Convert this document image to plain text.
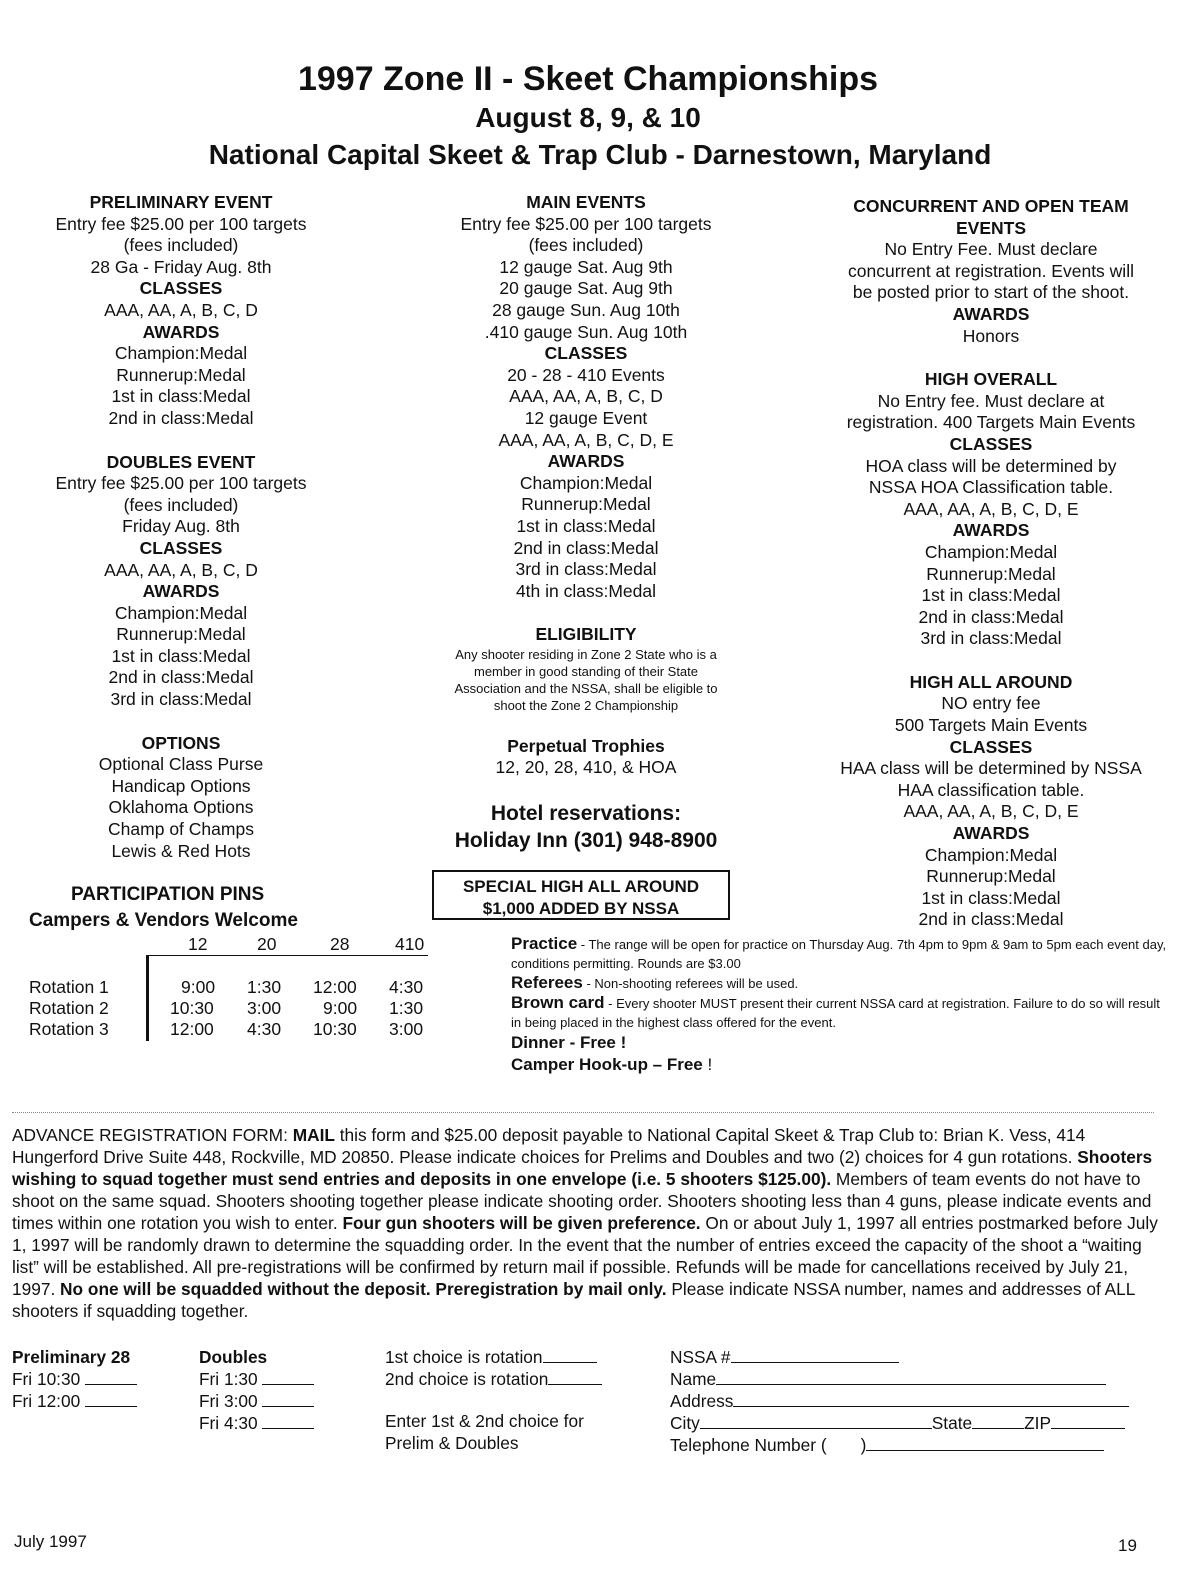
1997 Zone II - Skeet Championships
August 8, 9, & 10
National Capital Skeet & Trap Club - Darnestown, Maryland
PRELIMINARY EVENT
Entry fee $25.00 per 100 targets
(fees included)
28 Ga - Friday Aug. 8th
CLASSES
AAA, AA, A, B, C, D
AWARDS
Champion:Medal
Runnerup:Medal
1st in class:Medal
2nd in class:Medal
DOUBLES EVENT
Entry fee $25.00 per 100 targets
(fees included)
Friday Aug. 8th
CLASSES
AAA, AA, A, B, C, D
AWARDS
Champion:Medal
Runnerup:Medal
1st in class:Medal
2nd in class:Medal
3rd in class:Medal
OPTIONS
Optional Class Purse
Handicap Options
Oklahoma Options
Champ of Champs
Lewis & Red Hots
PARTICIPATION PINS
Campers & Vendors Welcome
MAIN EVENTS
Entry fee $25.00 per 100 targets
(fees included)
12 gauge Sat. Aug 9th
20 gauge Sat. Aug 9th
28 gauge Sun. Aug 10th
.410 gauge Sun. Aug 10th
CLASSES
20 - 28 - 410 Events
AAA, AA, A, B, C, D
12 gauge Event
AAA, AA, A, B, C, D, E
AWARDS
Champion:Medal
Runnerup:Medal
1st in class:Medal
2nd in class:Medal
3rd in class:Medal
4th in class:Medal
ELIGIBILITY
Any shooter residing in Zone 2 State who is a
member in good standing of their State
Association and the NSSA, shall be eligible to
shoot the Zone 2 Championship
Perpetual Trophies
12, 20, 28, 410, & HOA
Hotel reservations:
Holiday Inn (301) 948-8900
SPECIAL HIGH ALL AROUND
$1,000 ADDED BY NSSA
CONCURRENT AND OPEN TEAM
EVENTS
No Entry Fee. Must declare
concurrent at registration. Events will
be posted prior to start of the shoot.
AWARDS
Honors
HIGH OVERALL
No Entry fee. Must declare at
registration. 400 Targets Main Events
CLASSES
HOA class will be determined by
NSSA HOA Classification table.
AAA, AA, A, B, C, D, E
AWARDS
Champion:Medal
Runnerup:Medal
1st in class:Medal
2nd in class:Medal
3rd in class:Medal
HIGH ALL AROUND
NO entry fee
500 Targets Main Events
CLASSES
HAA class will be determined by NSSA
HAA classification table.
AAA, AA, A, B, C, D, E
AWARDS
Champion:Medal
Runnerup:Medal
1st in class:Medal
2nd in class:Medal
12	20	28	410
Rotation 1	9:00 1:30 12:00 4:30
Rotation 2	10:30 3:00 9:00 1:30
Rotation 3	12:00 4:30 10:30 3:00
Practice - The range will be open for practice on Thursday Aug. 7th 4pm to 9pm & 9am to 5pm each event day, conditions permitting. Rounds are $3.00
Referees - Non-shooting referees will be used.
Brown card - Every shooter MUST present their current NSSA card at registration. Failure to do so will result in being placed in the highest class offered for the event.
Dinner - Free !
Camper Hook-up – Free !
ADVANCE REGISTRATION FORM: MAIL this form and $25.00 deposit payable to National Capital Skeet & Trap Club to: Brian K. Vess, 414 Hungerford Drive Suite 448, Rockville, MD 20850. Please indicate choices for Prelims and Doubles and two (2) choices for 4 gun rotations. Shooters wishing to squad together must send entries and deposits in one envelope (i.e. 5 shooters $125.00). Members of team events do not have to shoot on the same squad. Shooters shooting together please indicate shooting order. Shooters shooting less than 4 guns, please indicate events and times within one rotation you wish to enter. Four gun shooters will be given preference. On or about July 1, 1997 all entries postmarked before July 1, 1997 will be randomly drawn to determine the squadding order. In the event that the number of entries exceed the capacity of the shoot a “waiting list” will be established. All pre-registrations will be confirmed by return mail if possible. Refunds will be made for cancellations received by July 21, 1997. No one will be squadded without the deposit. Preregistration by mail only. Please indicate NSSA number, names and addresses of ALL shooters if squadding together.
Preliminary 28
Fri 10:30
Fri 12:00
Doubles
Fri 1:30
Fri 3:00
Fri 4:30
1st choice is rotation
2nd choice is rotation
Enter 1st & 2nd choice for
Prelim & Doubles
NSSA #
Name
Address
City	State	ZIP
Telephone Number ( )
July 1997	19
